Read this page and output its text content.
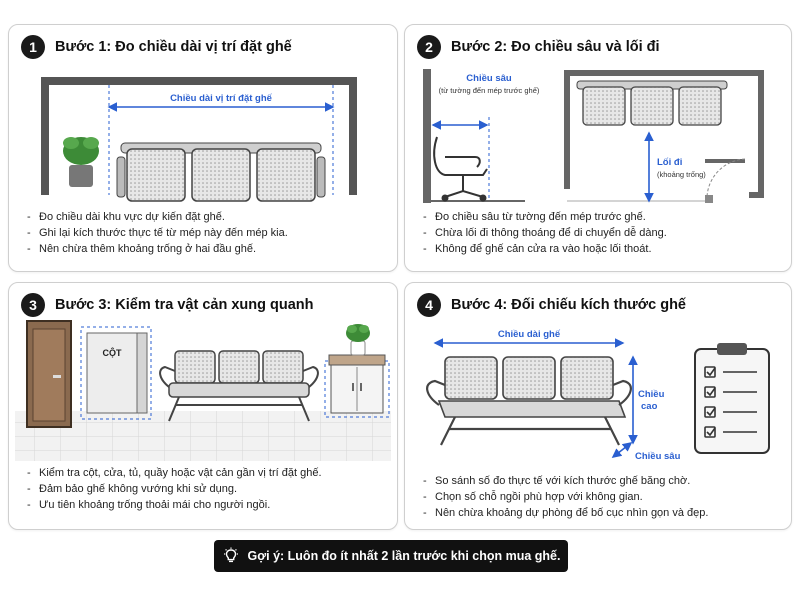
1	Bước 1: Đo chiều dài vị trí đặt ghế
Chiều dài vị trí đặt ghế
- Đo chiều dài khu vực dự kiến đặt ghế.
- Ghi lại kích thước thực tế từ mép này đến mép kia.
- Nên chừa thêm khoảng trống ở hai đầu ghế.
2	Bước 2: Đo chiều sâu và lối đi
Chiều sâu
(từ tường đến mép trước ghế)
Lối đi
(khoảng trống)
- Đo chiều sâu từ tường đến mép trước ghế.
- Chừa lối đi thông thoáng để di chuyển dễ dàng.
- Không để ghế cản cửa ra vào hoặc lối thoát.
3	Bước 3: Kiểm tra vật cản xung quanh
CỘT
- Kiểm tra cột, cửa, tủ, quầy hoặc vật cản gần vị trí đặt ghế.
- Đảm bảo ghế không vướng khi sử dụng.
- Ưu tiên khoảng trống thoải mái cho người ngồi.
4	Bước 4: Đối chiếu kích thước ghế
Chiều dài ghế
Chiều
cao
Chiều sâu
- So sánh số đo thực tế với kích thước ghế băng chờ.
- Chọn số chỗ ngồi phù hợp với không gian.
- Nên chừa khoảng dự phòng để bố cục nhìn gọn và đẹp.
Gợi ý: Luôn đo ít nhất 2 lần trước khi chọn mua ghế.
